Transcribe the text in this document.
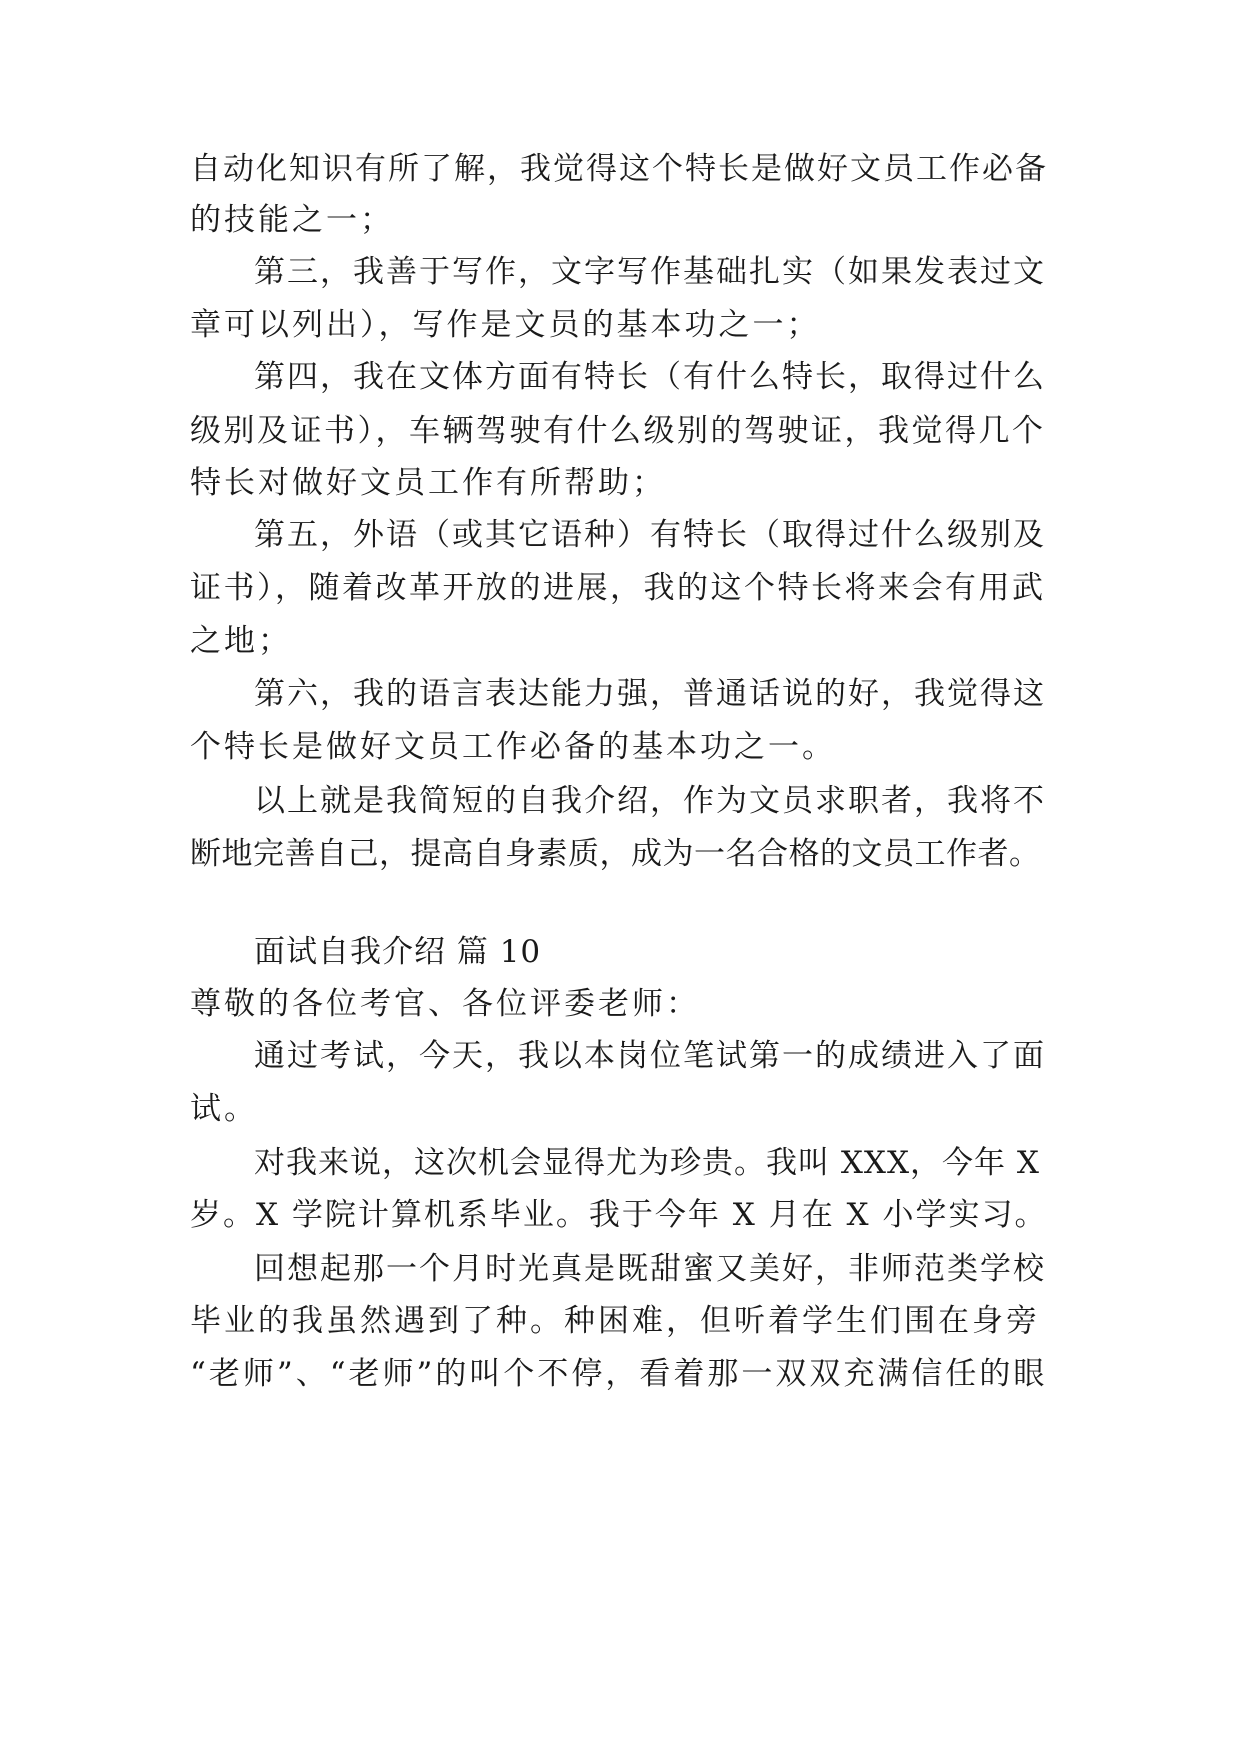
自动化知识有所了解，我觉得这个特长是做好文员工作必备
的技能之一；
第三，我善于写作，文字写作基础扎实（如果发表过文
章可以列出），写作是文员的基本功之一；
第四，我在文体方面有特长（有什么特长，取得过什么
级别及证书），车辆驾驶有什么级别的驾驶证，我觉得几个
特长对做好文员工作有所帮助；
第五，外语（或其它语种）有特长（取得过什么级别及
证书），随着改革开放的进展，我的这个特长将来会有用武
之地；
第六，我的语言表达能力强，普通话说的好，我觉得这
个特长是做好文员工作必备的基本功之一。
以上就是我简短的自我介绍，作为文员求职者，我将不
断地完善自己，提高自身素质，成为一名合格的文员工作者。
面试自我介绍 篇 10
尊敬的各位考官、各位评委老师：
通过考试，今天，我以本岗位笔试第一的成绩进入了面
试。
对我来说，这次机会显得尤为珍贵。我叫 XXX，今年 X
岁。X 学院计算机系毕业。我于今年 X 月在 X 小学实习。
回想起那一个月时光真是既甜蜜又美好，非师范类学校
毕业的我虽然遇到了种。种困难，但听着学生们围在身旁
“老师”、“老师”的叫个不停，看着那一双双充满信任的眼
